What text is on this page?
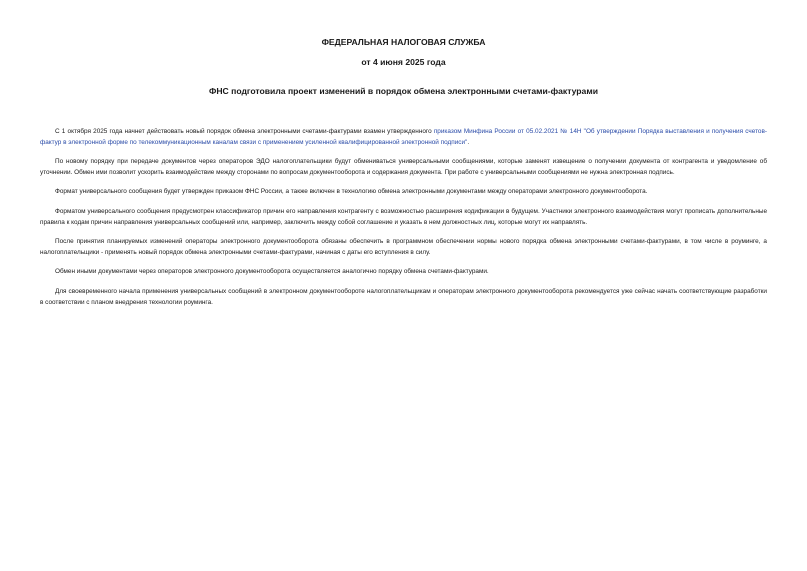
ФЕДЕРАЛЬНАЯ НАЛОГОВАЯ СЛУЖБА
от 4 июня 2025 года
ФНС подготовила проект изменений в порядок обмена электронными счетами-фактурами

С 1 октября 2025 года начнет действовать новый порядок обмена электронными счетами-фактурами взамен утвержденного приказом Минфина России от 05.02.2021 № 14Н "Об утверждении Порядка выставления и получения счетов-фактур в электронной форме по телекоммуникационным каналам связи с применением усиленной квалифицированной электронной подписи".

По новому порядку при передаче документов через операторов ЭДО налогоплательщики будут обмениваться универсальными сообщениями, которые заменят извещение о получении документа от контрагента и уведомление об уточнении. Обмен ими позволит ускорить взаимодействие между сторонами по вопросам документооборота и содержания документа. При работе с универсальными сообщениями не нужна электронная подпись.

Формат универсального сообщения будет утвержден приказом ФНС России, а также включен в технологию обмена электронными документами между операторами электронного документооборота.

Форматом универсального сообщения предусмотрен классификатор причин его направления контрагенту с возможностью расширения кодификации в будущем. Участники электронного взаимодействия могут прописать дополнительные правила к кодам причин направления универсальных сообщений или, например, заключить между собой соглашение и указать в нем должностных лиц, которые могут их направлять.

После принятия планируемых изменений операторы электронного документооборота обязаны обеспечить в программном обеспечении нормы нового порядка обмена электронными счетами-фактурами, в том числе в роуминге, а налогоплательщики - применять новый порядок обмена электронными счетами-фактурами, начиная с даты его вступления в силу.

Обмен иными документами через операторов электронного документооборота осуществляется аналогично порядку обмена счетами-фактурами.

Для своевременного начала применения универсальных сообщений в электронном документообороте налогоплательщикам и операторам электронного документооборота рекомендуется уже сейчас начать соответствующие разработки в соответствии с планом внедрения технологии роуминга.
